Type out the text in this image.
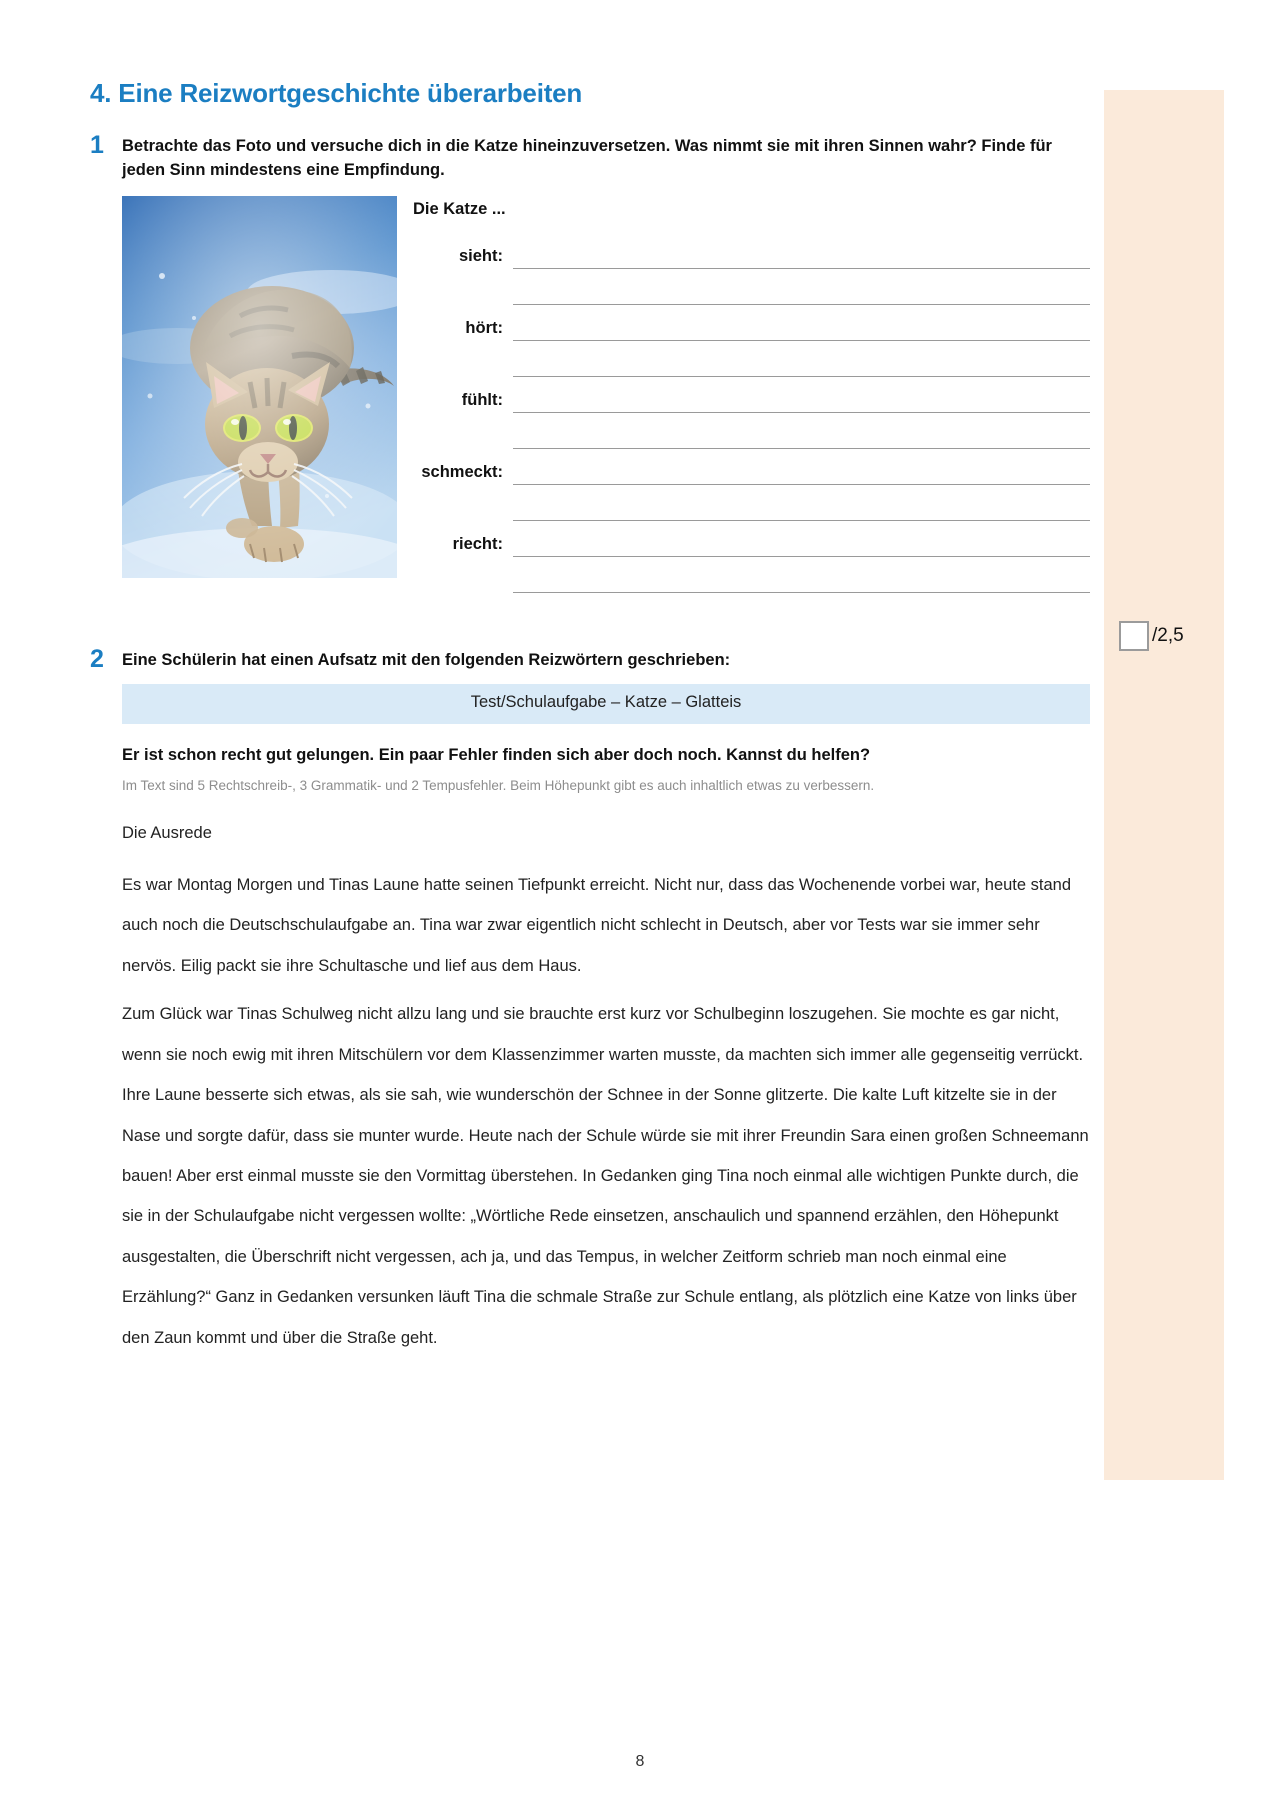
4. Eine Reizwortgeschichte überarbeiten
1 Betrachte das Foto und versuche dich in die Katze hineinzuversetzen. Was nimmt sie mit ihren Sinnen wahr? Finde für jeden Sinn mindestens eine Empfindung.

Die Katze ...
sieht:
hört:
fühlt:
schmeckt:
riecht:
2 Eine Schülerin hat einen Aufsatz mit den folgenden Reizwörtern geschrieben:

Test/Schulaufgabe – Katze – Glatteis

Er ist schon recht gut gelungen. Ein paar Fehler finden sich aber doch noch. Kannst du helfen?

Im Text sind 5 Rechtschreib-, 3 Grammatik- und 2 Tempusfehler. Beim Höhepunkt gibt es auch inhaltlich etwas zu verbessern.

Die Ausrede

Es war Montag Morgen und Tinas Laune hatte seinen Tiefpunkt erreicht. Nicht nur, dass das Wochenende vorbei war, heute stand auch noch die Deutschschulaufgabe an. Tina war zwar eigentlich nicht schlecht in Deutsch, aber vor Tests war sie immer sehr nervös. Eilig packt sie ihre Schultasche und lief aus dem Haus.

Zum Glück war Tinas Schulweg nicht allzu lang und sie brauchte erst kurz vor Schulbeginn loszugehen. Sie mochte es gar nicht, wenn sie noch ewig mit ihren Mitschülern vor dem Klassenzimmer warten musste, da machten sich immer alle gegenseitig verrückt. Ihre Laune besserte sich etwas, als sie sah, wie wunderschön der Schnee in der Sonne glitzerte. Die kalte Luft kitzelte sie in der Nase und sorgte dafür, dass sie munter wurde. Heute nach der Schule würde sie mit ihrer Freundin Sara einen großen Schneemann bauen! Aber erst einmal musste sie den Vormittag überstehen. In Gedanken ging Tina noch einmal alle wichtigen Punkte durch, die sie in der Schulaufgabe nicht vergessen wollte: „Wörtliche Rede einsetzen, anschaulich und spannend erzählen, den Höhepunkt ausgestalten, die Überschrift nicht vergessen, ach ja, und das Tempus, in welcher Zeitform schrieb man noch einmal eine Erzählung?“ Ganz in Gedanken versunken läuft Tina die schmale Straße zur Schule entlang, als plötzlich eine Katze von links über den Zaun kommt und über die Straße geht.

/2,5
8
